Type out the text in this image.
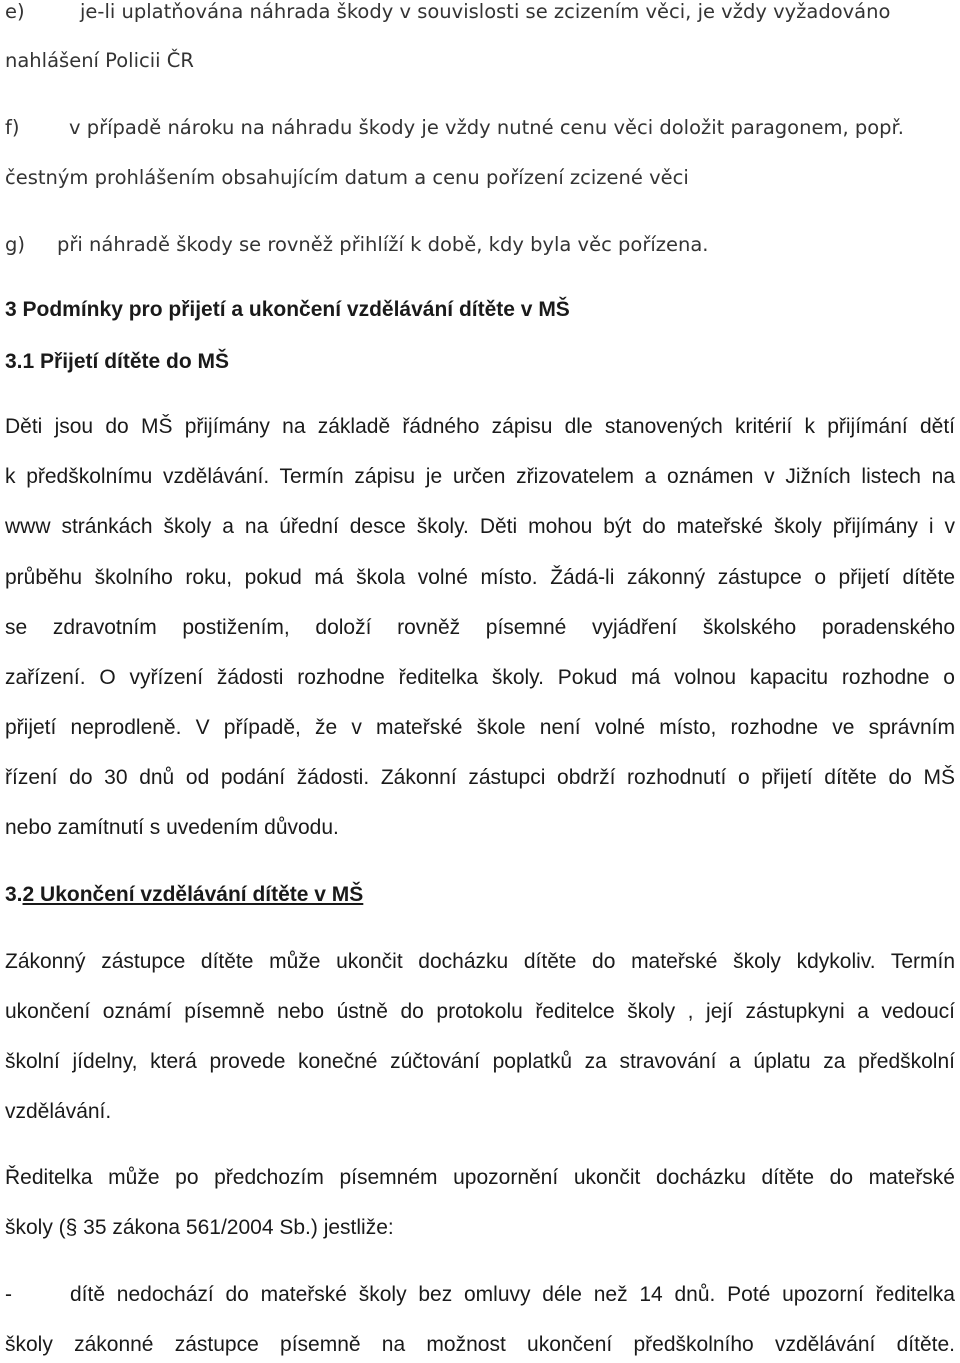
e)	je-li uplatňována náhrada škody v souvislosti se zcizením věci, je vždy vyžadováno
nahlášení Policii ČR
f)	v případě nároku na náhradu škody je vždy nutné cenu věci doložit paragonem, popř.
čestným prohlášením obsahujícím datum a cenu pořízení zcizené věci
g) při náhradě škody se rovněž přihlíží k době, kdy byla věc pořízena.
3 Podmínky pro přijetí a ukončení vzdělávání dítěte v MŠ
3.1 Přijetí dítěte do MŠ
Děti jsou do MŠ přijímány na základě řádného zápisu dle stanovených kritérií k přijímání dětí
k předškolnímu vzdělávání. Termín zápisu je určen zřizovatelem a oznámen v Jižních listech na
www stránkách školy a na úřední desce školy. Děti mohou být do mateřské školy přijímány i v
průběhu školního roku, pokud má škola volné místo. Žádá-li zákonný zástupce o přijetí dítěte
se zdravotním postižením, doloží rovněž písemné vyjádření školského poradenského
zařízení. O vyřízení žádosti rozhodne ředitelka školy. Pokud má volnou kapacitu rozhodne o
přijetí neprodleně. V případě, že v mateřské škole není volné místo, rozhodne ve správním
řízení do 30 dnů od podání žádosti. Zákonní zástupci obdrží rozhodnutí o přijetí dítěte do MŠ
nebo zamítnutí s uvedením důvodu.
3.2 Ukončení vzdělávání dítěte v MŠ
Zákonný zástupce dítěte může ukončit docházku dítěte do mateřské školy kdykoliv. Termín
ukončení oznámí písemně nebo ústně do protokolu ředitelce školy , její zástupkyni a vedoucí
školní jídelny, která provede konečné zúčtování poplatků za stravování a úplatu za předškolní
vzdělávání.
Ředitelka může po předchozím písemném upozornění ukončit docházku dítěte do mateřské
školy (§ 35 zákona 561/2004 Sb.) jestliže:
-	dítě nedochází do mateřské školy bez omluvy déle než 14 dnů. Poté upozorní ředitelka
školy zákonné zástupce písemně na možnost ukončení předškolního vzdělávání dítěte.
